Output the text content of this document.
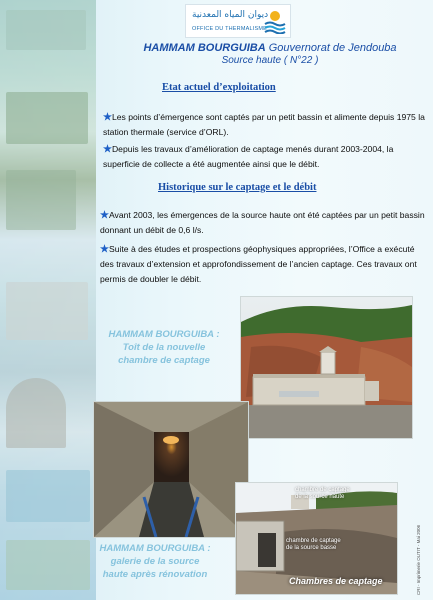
ديوان المياه المعدنية
OFFICE DU THERMALISME
HAMMAM BOURGUIBA Gouvernorat de Jendouba
Source haute ( N°22 )
Etat actuel d’exploitation
★Les points d’émergence sont captés par un petit bassin et alimente depuis 1975 la station thermale (service d’ORL).
★Depuis les travaux d’amélioration de captage menés durant 2003-2004, la superficie de collecte a été augmentée ainsi que le débit.
Historique sur le captage et le débit
★Avant 2003, les émergences de la source haute ont été captées par un petit bassin donnant un débit de 0,6 l/s.
★Suite à des études et prospections géophysiques appropriées, l’Office a exécuté des travaux d’extension et approfondissement de l’ancien captage. Ces travaux ont permis de doubler le débit.
HAMMAM BOURGUIBA :
Toît de la nouvelle
chambre de captage
HAMMAM BOURGUIBA :
galerie de la source
haute après rénovation
chambre de captage
de la source haute
chambre de captage
de la source basse
Chambres de captage	CRI - Imprimerie OUTIT - Mai 2006
